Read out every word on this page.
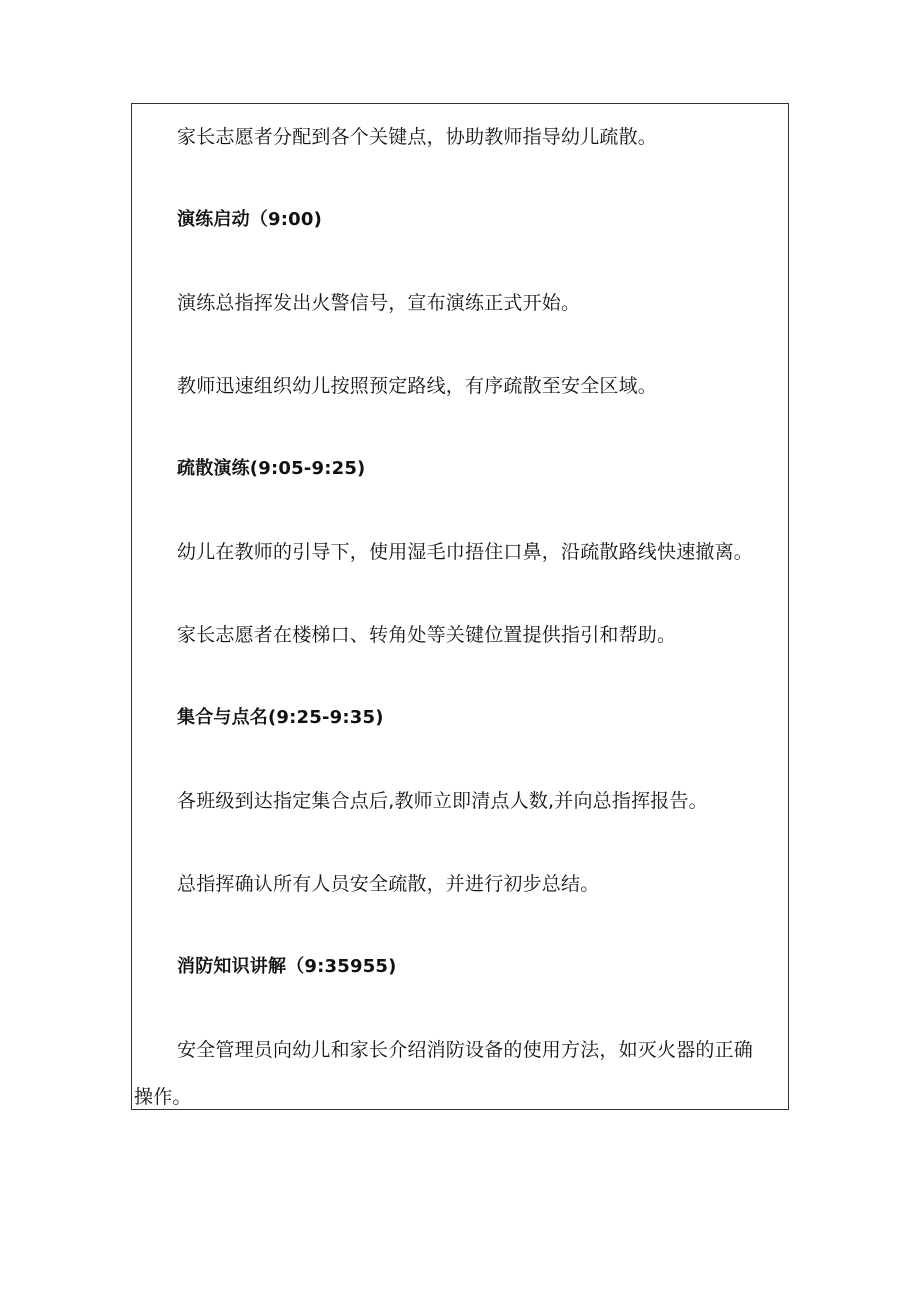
家长志愿者分配到各个关键点，协助教师指导幼儿疏散。
演练启动（9:00)
演练总指挥发出火警信号，宣布演练正式开始。
教师迅速组织幼儿按照预定路线，有序疏散至安全区域。
疏散演练(9:05-9:25)
幼儿在教师的引导下，使用湿毛巾捂住口鼻，沿疏散路线快速撤离。
家长志愿者在楼梯口、转角处等关键位置提供指引和帮助。
集合与点名(9:25-9:35)
各班级到达指定集合点后,教师立即清点人数,并向总指挥报告。
总指挥确认所有人员安全疏散，并进行初步总结。
消防知识讲解（9:35955)
安全管理员向幼儿和家长介绍消防设备的使用方法，如灭火器的正确
操作。
